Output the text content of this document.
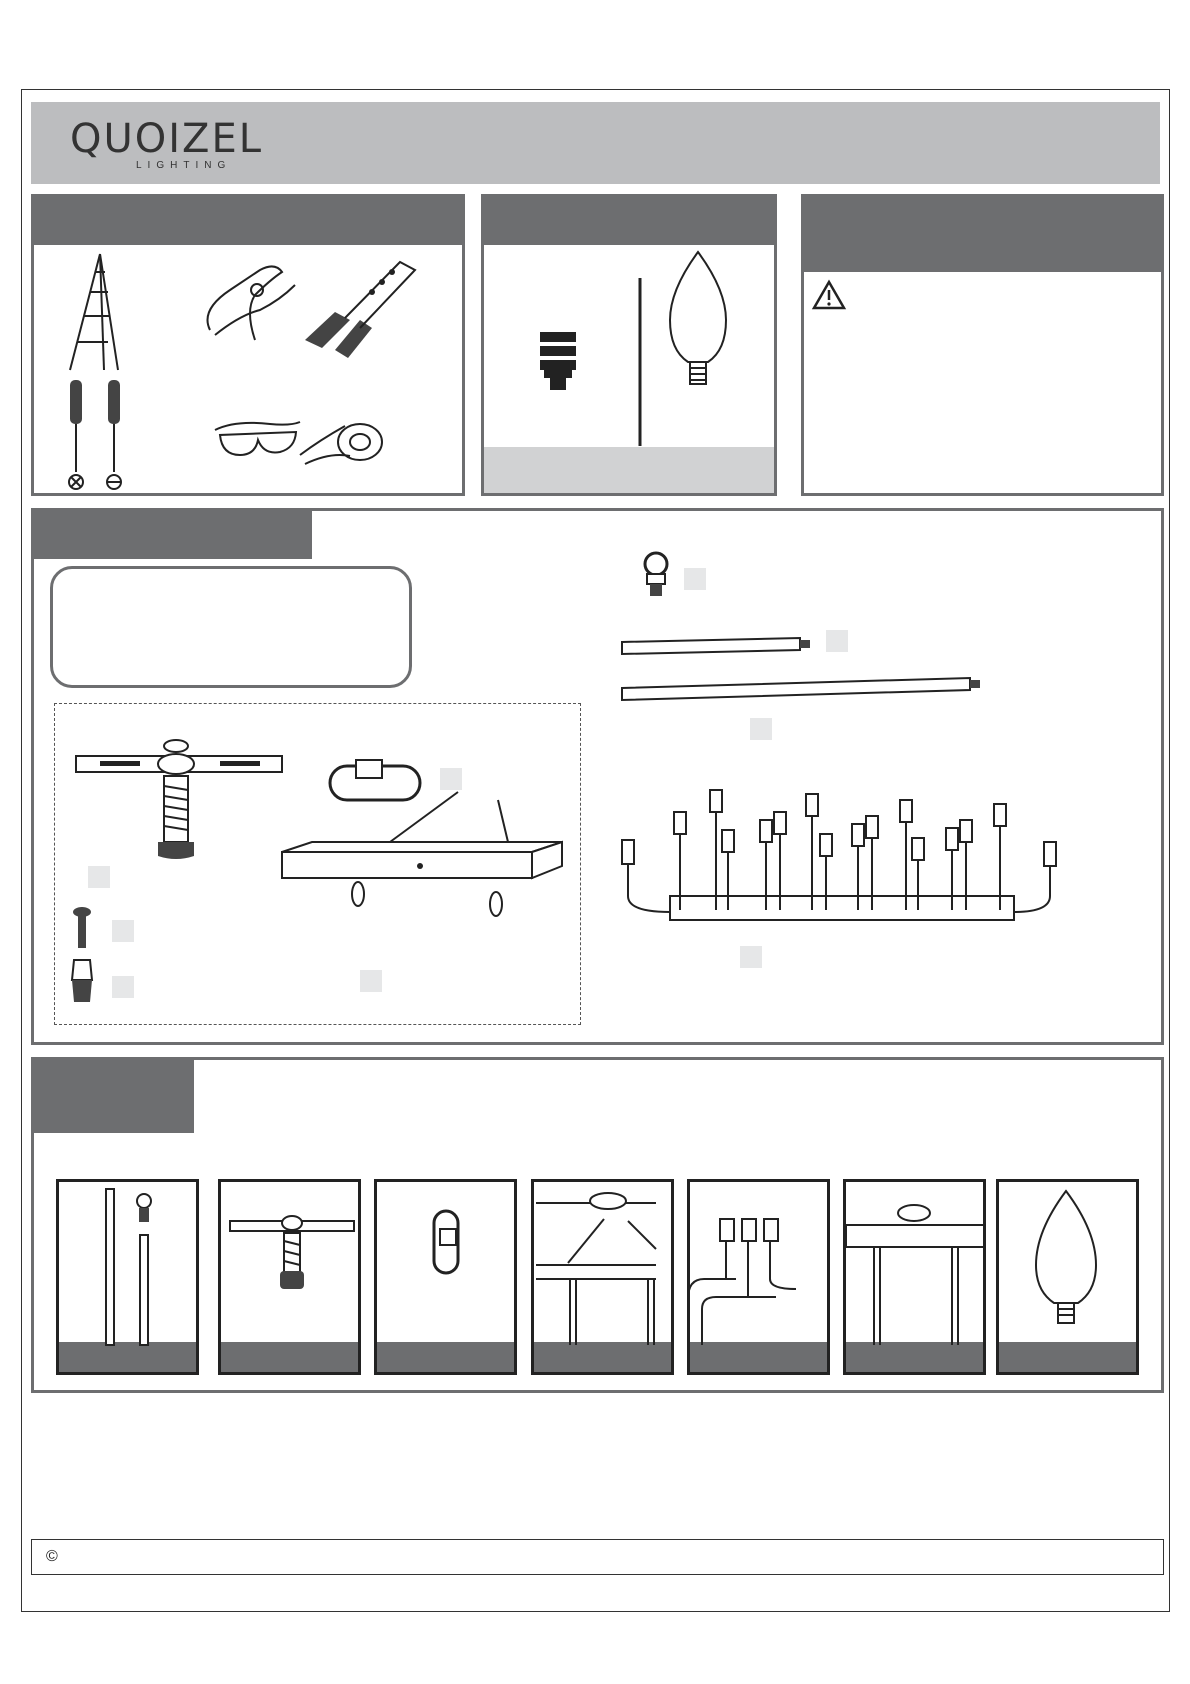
QUOIZEL
LIGHTING
©
